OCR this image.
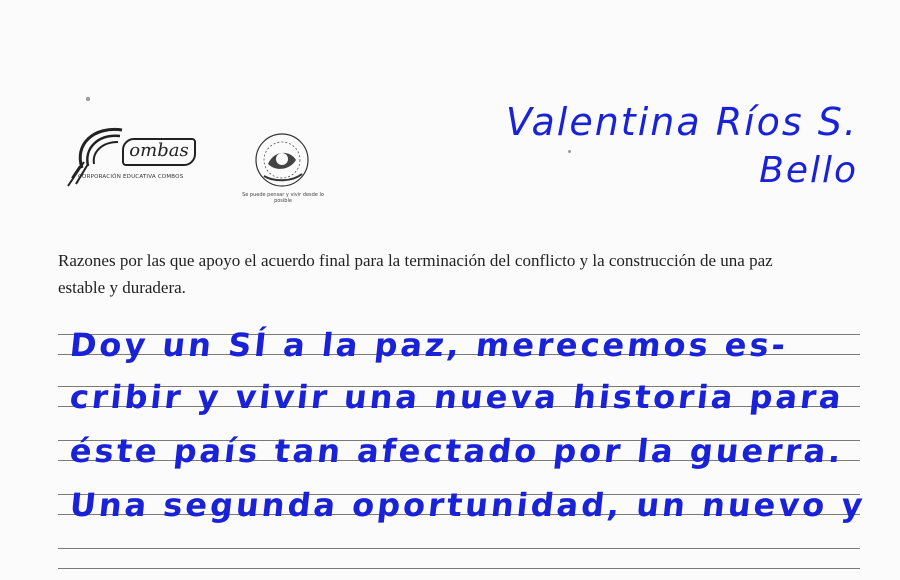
ombas
CORPORACIÓN EDUCATIVA COMBOS
Se puede pensar y vivir desde lo posible
Valentina Ríos S.
Bello
Razones por las que apoyo el acuerdo final para la terminación del conflicto y la construcción de una paz estable y duradera.
Doy un SÍ a la paz, merecemos es-
cribir y vivir una nueva historia para
éste país tan afectado por la guerra.
Una segunda oportunidad, un nuevo y
